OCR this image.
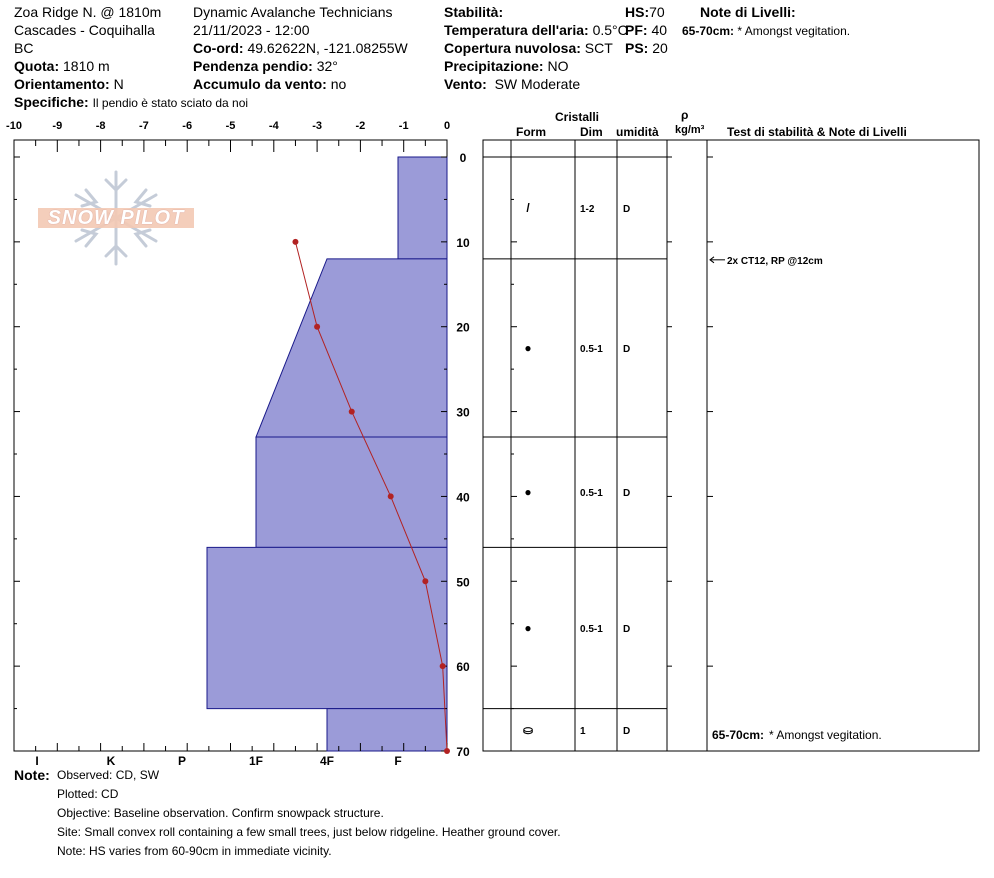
Zoa Ridge N. @ 1810m
Cascades - Coquihalla
BC
Quota: 1810 m
Orientamento: N
Specifiche: Il pendio è stato sciato da noi
Dynamic Avalanche Technicians
21/11/2023 - 12:00
Co-ord: 49.62622N, -121.08255W
Pendenza pendio: 32°
Accumulo da vento: no
Stabilità:
Temperatura dell'aria: 0.5°C
Copertura nuvolosa: SCT
Precipitazione: NO
Vento: SW Moderate
HS:70
PF: 40
PS: 20
Note di Livelli:
65-70cm: * Amongst vegitation.
Cristalli
Form	Dim umidità
ρ
kg/m³ Test di stabilità & Note di Livelli
SNOW PILOT
-10	-9	-8	-7	-6	-5	-4	-3	-2	-1	0
0
10
20
30
40
50
60
70
I	K	P	1F	4F	F
/	1-2	D
●	0.5-1 D
●	0.5-1 D
●	0.5-1 D
⛀	1	D
2x CT12, RP @12cm
65-70cm: * Amongst vegitation.
Note: Observed: CD, SW
Plotted: CD
Objective: Baseline observation. Confirm snowpack structure.
Site: Small convex roll containing a few small trees, just below ridgeline. Heather ground cover.
Note: HS varies from 60-90cm in immediate vicinity.
